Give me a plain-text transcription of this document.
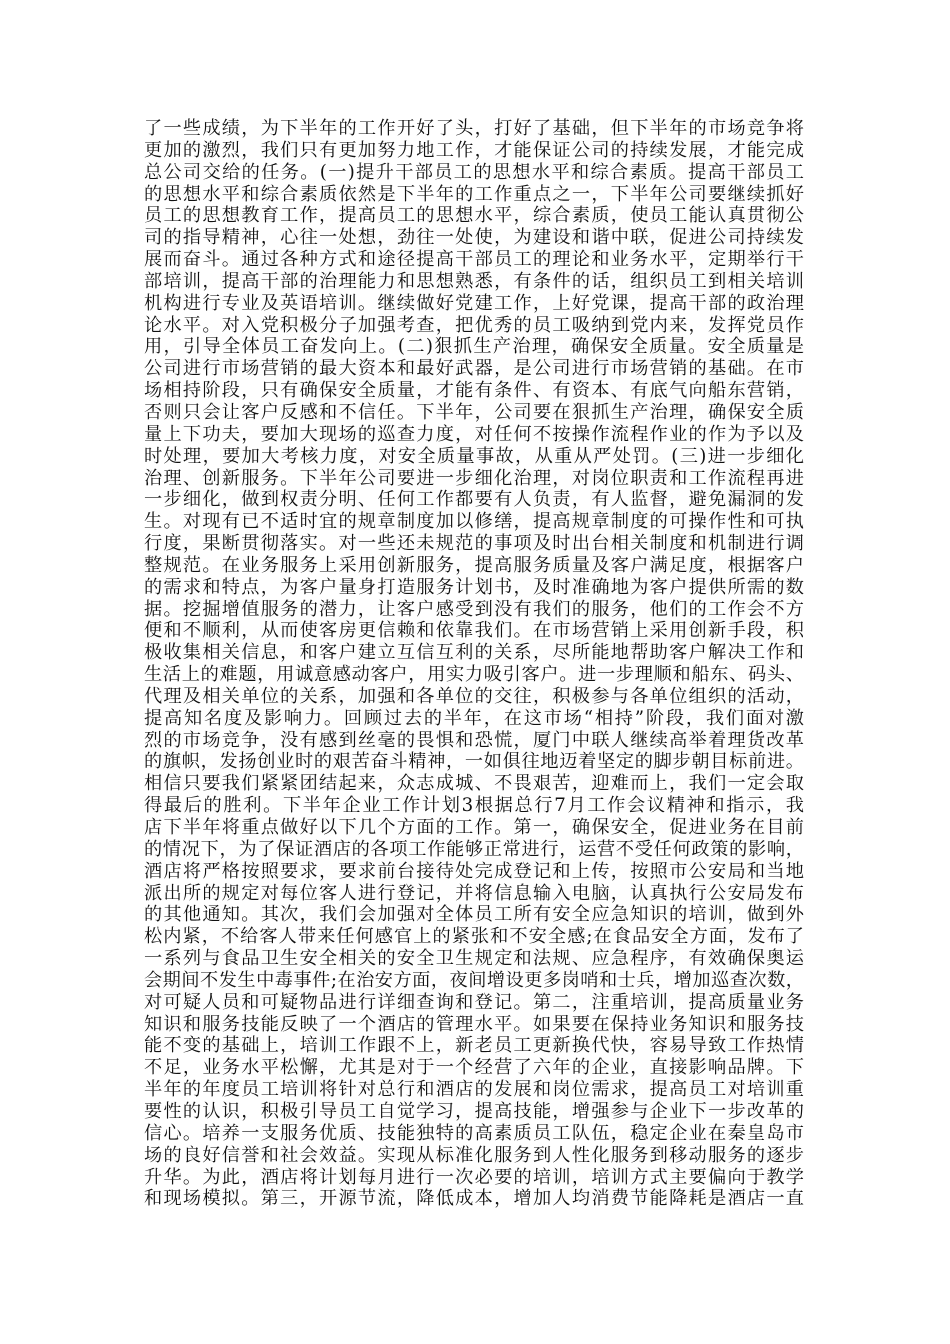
了一些成绩，为下半年的工作开好了头，打好了基础，但下半年的市场竞争将
更加的激烈，我们只有更加努力地工作，才能保证公司的持续发展，才能完成
总公司交给的任务。(一)提升干部员工的思想水平和综合素质。提高干部员工
的思想水平和综合素质依然是下半年的工作重点之一，下半年公司要继续抓好
员工的思想教育工作，提高员工的思想水平，综合素质，使员工能认真贯彻公
司的指导精神，心往一处想，劲往一处使，为建设和谐中联，促进公司持续发
展而奋斗。通过各种方式和途径提高干部员工的理论和业务水平，定期举行干
部培训，提高干部的治理能力和思想熟悉，有条件的话，组织员工到相关培训
机构进行专业及英语培训。继续做好党建工作，上好党课，提高干部的政治理
论水平。对入党积极分子加强考查，把优秀的员工吸纳到党内来，发挥党员作
用，引导全体员工奋发向上。(二)狠抓生产治理，确保安全质量。安全质量是
公司进行市场营销的最大资本和最好武器，是公司进行市场营销的基础。在市
场相持阶段，只有确保安全质量，才能有条件、有资本、有底气向船东营销，
否则只会让客户反感和不信任。下半年，公司要在狠抓生产治理，确保安全质
量上下功夫，要加大现场的巡查力度，对任何不按操作流程作业的作为予以及
时处理，要加大考核力度，对安全质量事故，从重从严处罚。(三)进一步细化
治理、创新服务。下半年公司要进一步细化治理，对岗位职责和工作流程再进
一步细化，做到权责分明、任何工作都要有人负责，有人监督，避免漏洞的发
生。对现有已不适时宜的规章制度加以修缮，提高规章制度的可操作性和可执
行度，果断贯彻落实。对一些还未规范的事项及时出台相关制度和机制进行调
整规范。在业务服务上采用创新服务，提高服务质量及客户满足度，根据客户
的需求和特点，为客户量身打造服务计划书，及时准确地为客户提供所需的数
据。挖掘增值服务的潜力，让客户感受到没有我们的服务，他们的工作会不方
便和不顺利，从而使客房更信赖和依靠我们。在市场营销上采用创新手段，积
极收集相关信息，和客户建立互信互利的关系，尽所能地帮助客户解决工作和
生活上的难题，用诚意感动客户，用实力吸引客户。进一步理顺和船东、码头、
代理及相关单位的关系，加强和各单位的交往，积极参与各单位组织的活动，
提高知名度及影响力。回顾过去的半年，在这市场“相持”阶段，我们面对激
烈的市场竞争，没有感到丝毫的畏惧和恐慌，厦门中联人继续高举着理货改革
的旗帜，发扬创业时的艰苦奋斗精神，一如俱往地迈着坚定的脚步朝目标前进。
相信只要我们紧紧团结起来，众志成城、不畏艰苦，迎难而上，我们一定会取
得最后的胜利。下半年企业工作计划3根据总行7月工作会议精神和指示，我
店下半年将重点做好以下几个方面的工作。第一，确保安全，促进业务在目前
的情况下，为了保证酒店的各项工作能够正常进行，运营不受任何政策的影响，
酒店将严格按照要求，要求前台接待处完成登记和上传，按照市公安局和当地
派出所的规定对每位客人进行登记，并将信息输入电脑，认真执行公安局发布
的其他通知。其次，我们会加强对全体员工所有安全应急知识的培训，做到外
松内紧，不给客人带来任何感官上的紧张和不安全感;在食品安全方面，发布了
一系列与食品卫生安全相关的安全卫生规定和法规、应急程序，有效确保奥运
会期间不发生中毒事件;在治安方面，夜间增设更多岗哨和士兵，增加巡查次数，
对可疑人员和可疑物品进行详细查询和登记。第二，注重培训，提高质量业务
知识和服务技能反映了一个酒店的管理水平。如果要在保持业务知识和服务技
能不变的基础上，培训工作跟不上，新老员工更新换代快，容易导致工作热情
不足，业务水平松懈，尤其是对于一个经营了六年的企业，直接影响品牌。下
半年的年度员工培训将针对总行和酒店的发展和岗位需求，提高员工对培训重
要性的认识，积极引导员工自觉学习，提高技能，增强参与企业下一步改革的
信心。培养一支服务优质、技能独特的高素质员工队伍，稳定企业在秦皇岛市
场的良好信誉和社会效益。实现从标准化服务到人性化服务到移动服务的逐步
升华。为此，酒店将计划每月进行一次必要的培训，培训方式主要偏向于教学
和现场模拟。第三，开源节流，降低成本，增加人均消费节能降耗是酒店一直
